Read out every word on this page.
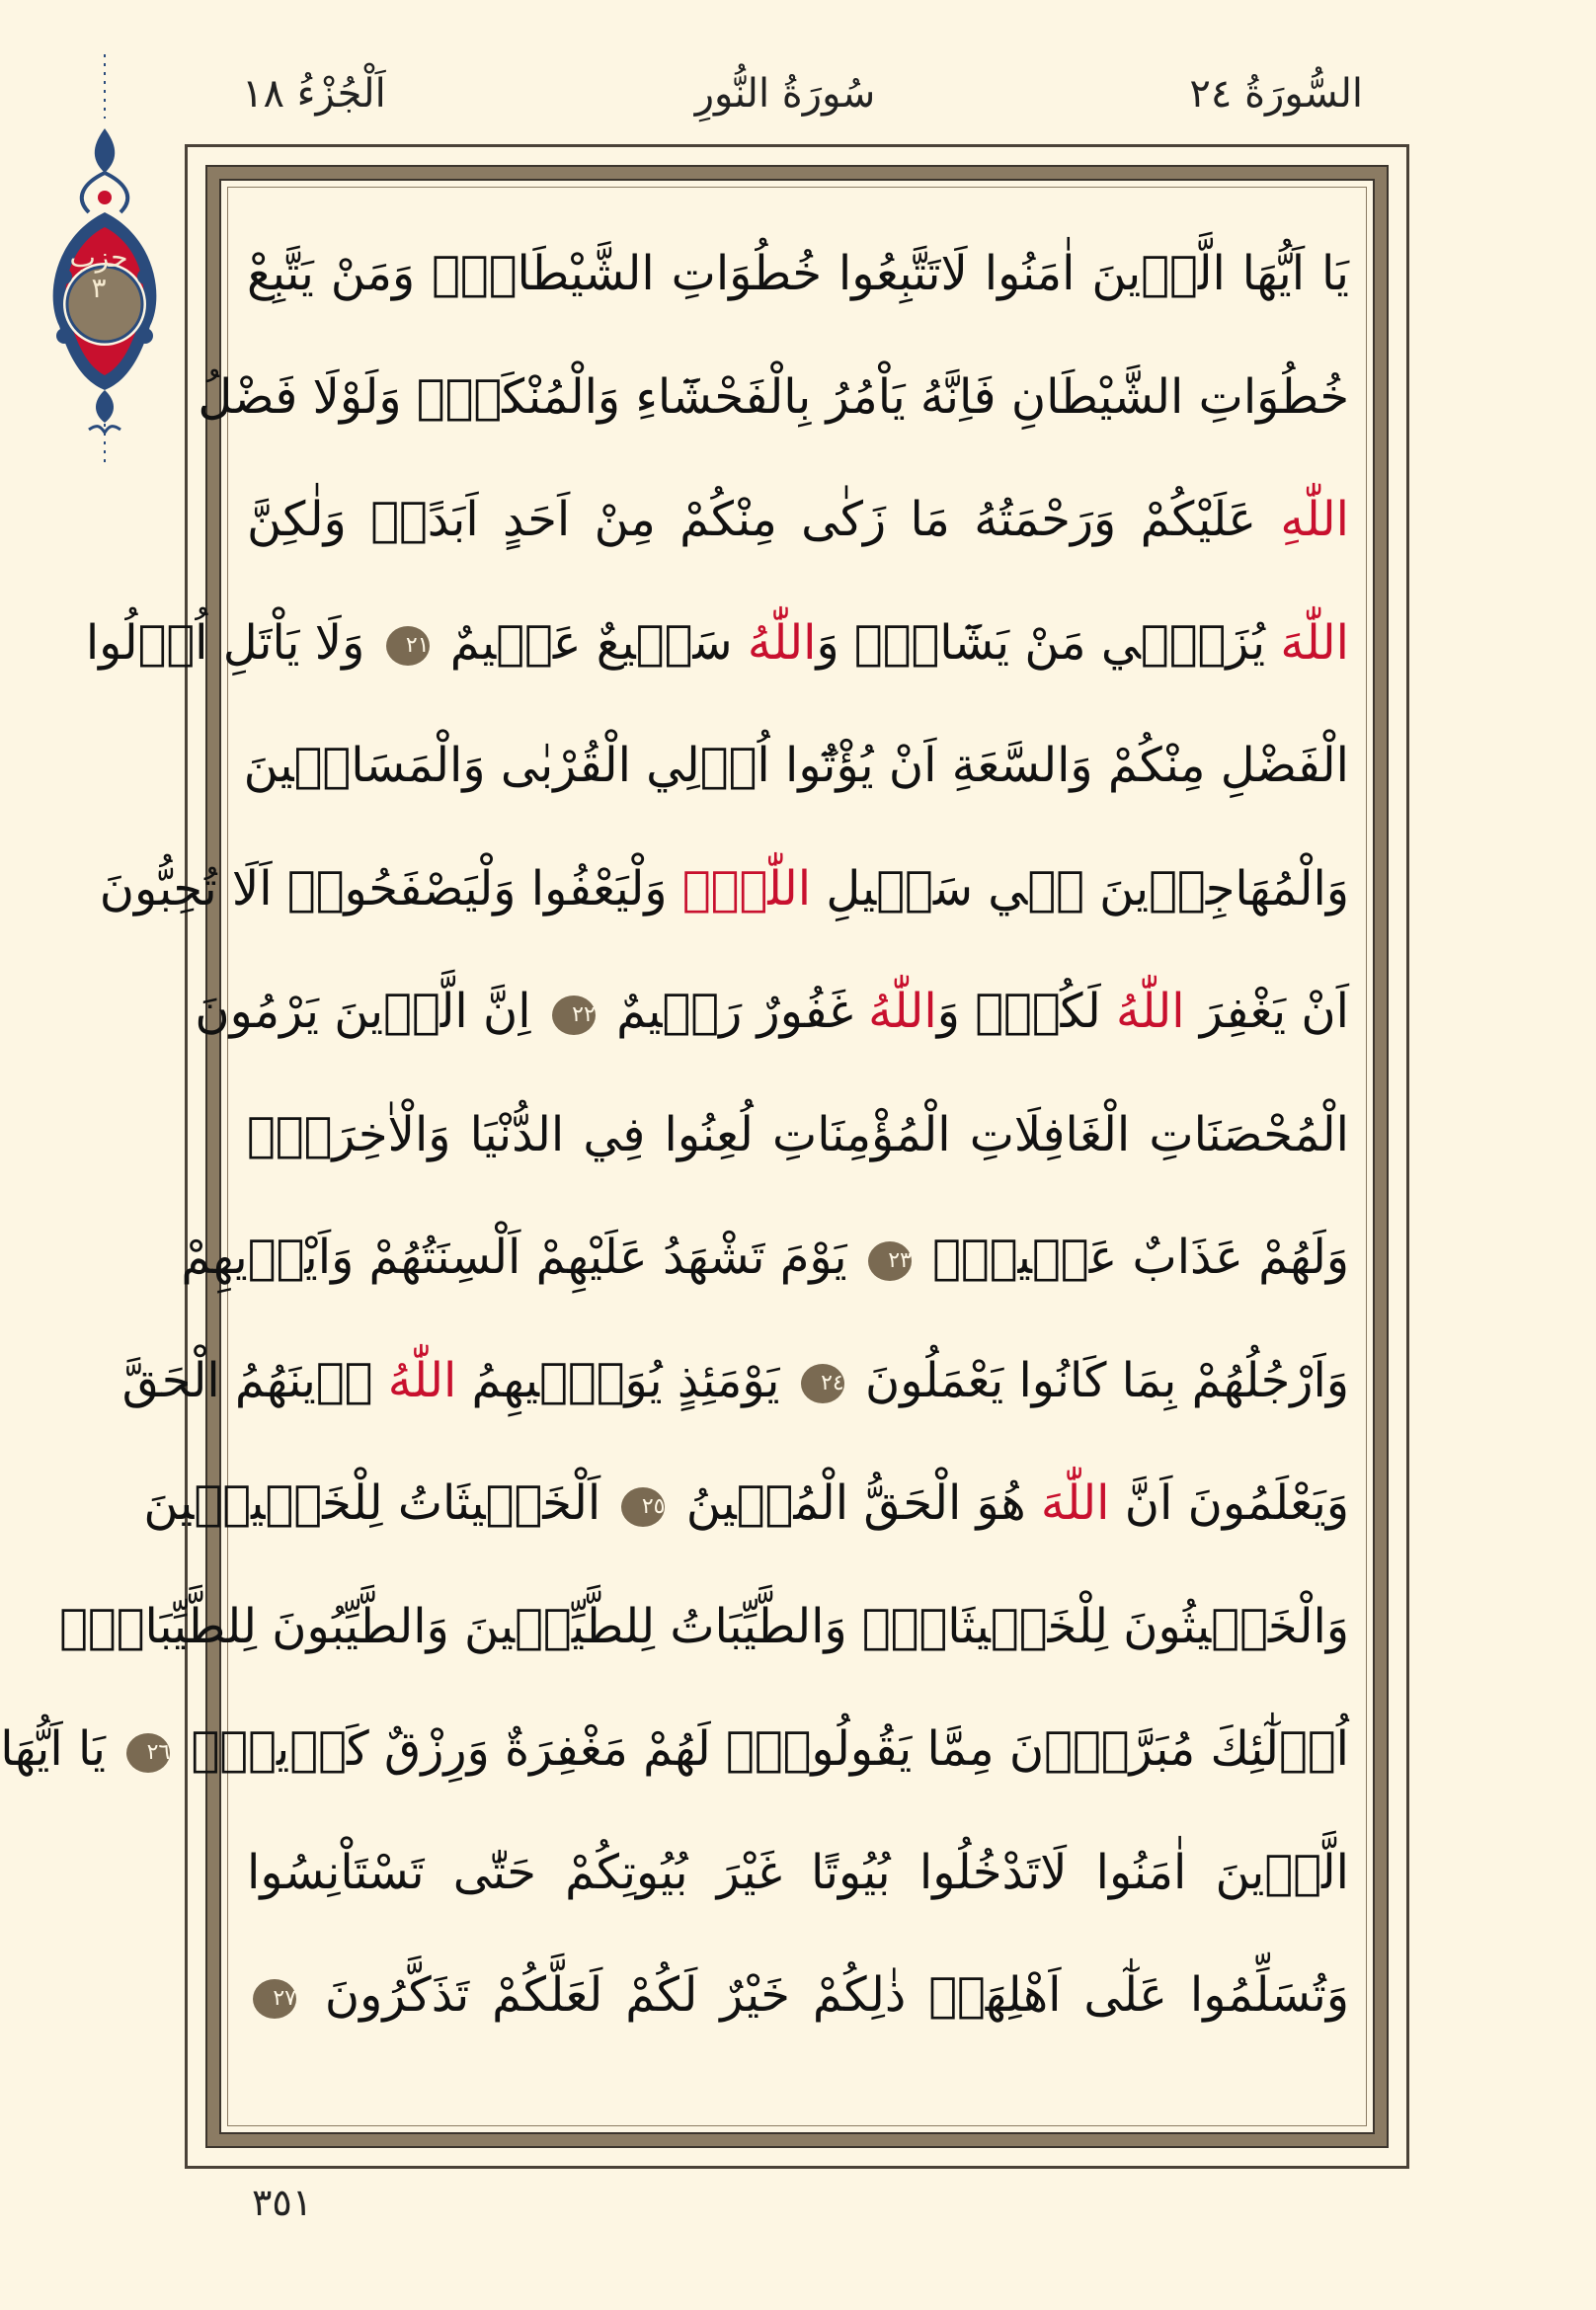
السُّورَةُ ٢٤
سُورَةُ النُّورِ
اَلْجُزْءُ ١٨
حزب
٣	يَا اَيُّهَا الَّذٖينَ اٰمَنُوا لَاتَتَّبِعُوا خُطُوَاتِ الشَّيْطَانِۜ وَمَنْ يَتَّبِعْ
خُطُوَاتِ الشَّيْطَانِ فَاِنَّهُ يَاْمُرُ بِالْفَحْشَٓاءِ وَالْمُنْكَرِۜ وَلَوْلَا فَضْلُ
اللّٰهِ عَلَيْكُمْ وَرَحْمَتُهُ مَا زَكٰى مِنْكُمْ مِنْ اَحَدٍ اَبَدًاۙ وَلٰكِنَّ
اللّٰهَ يُزَكّٖي مَنْ يَشَٓاءُۜ وَاللّٰهُ سَمٖيعٌ عَلٖيمٌ ٢١ وَلَا يَاْتَلِ اُو۬لُوا
الْفَضْلِ مِنْكُمْ وَالسَّعَةِ اَنْ يُؤْتُٓوا اُو۬لِي الْقُرْبٰى وَالْمَسَاكٖينَ
وَالْمُهَاجِرٖينَ فٖي سَبٖيلِ اللّٰهِۖ وَلْيَعْفُوا وَلْيَصْفَحُواۜ اَلَا تُحِبُّونَ
اَنْ يَغْفِرَ اللّٰهُ لَكُمْۜ وَاللّٰهُ غَفُورٌ رَحٖيمٌ ٢٢ اِنَّ الَّذٖينَ يَرْمُونَ
الْمُحْصَنَاتِ الْغَافِلَاتِ الْمُؤْمِنَاتِ لُعِنُوا فِي الدُّنْيَا وَالْاٰخِرَةِۖ
وَلَهُمْ عَذَابٌ عَظٖيمٌۙ ٢٣ يَوْمَ تَشْهَدُ عَلَيْهِمْ اَلْسِنَتُهُمْ وَاَيْدٖيهِمْ
وَاَرْجُلُهُمْ بِمَا كَانُوا يَعْمَلُونَ ٢٤ يَوْمَئِذٍ يُوَفّٖيهِمُ اللّٰهُ دٖينَهُمُ الْحَقَّ
وَيَعْلَمُونَ اَنَّ اللّٰهَ هُوَ الْحَقُّ الْمُبٖينُ ٢٥ اَلْخَبٖيثَاتُ لِلْخَبٖيثٖينَ
وَالْخَبٖيثُونَ لِلْخَبٖيثَاتِۚ وَالطَّيِّبَاتُ لِلطَّيِّبٖينَ وَالطَّيِّبُونَ لِلطَّيِّبَاتِۚ
اُو۬لٰٓئِكَ مُبَرَّؤُ۫نَ مِمَّا يَقُولُونَۜ لَهُمْ مَغْفِرَةٌ وَرِزْقٌ كَرٖيمٌ۟ ٢٦ يَا اَيُّهَا
الَّذٖينَ اٰمَنُوا لَاتَدْخُلُوا بُيُوتًا غَيْرَ بُيُوتِكُمْ حَتّٰى تَسْتَاْنِسُوا
وَتُسَلِّمُوا عَلٰٓى اَهْلِهَاۜ ذٰلِكُمْ خَيْرٌ لَكُمْ لَعَلَّكُمْ تَذَكَّرُونَ ٢٧
٣٥١
